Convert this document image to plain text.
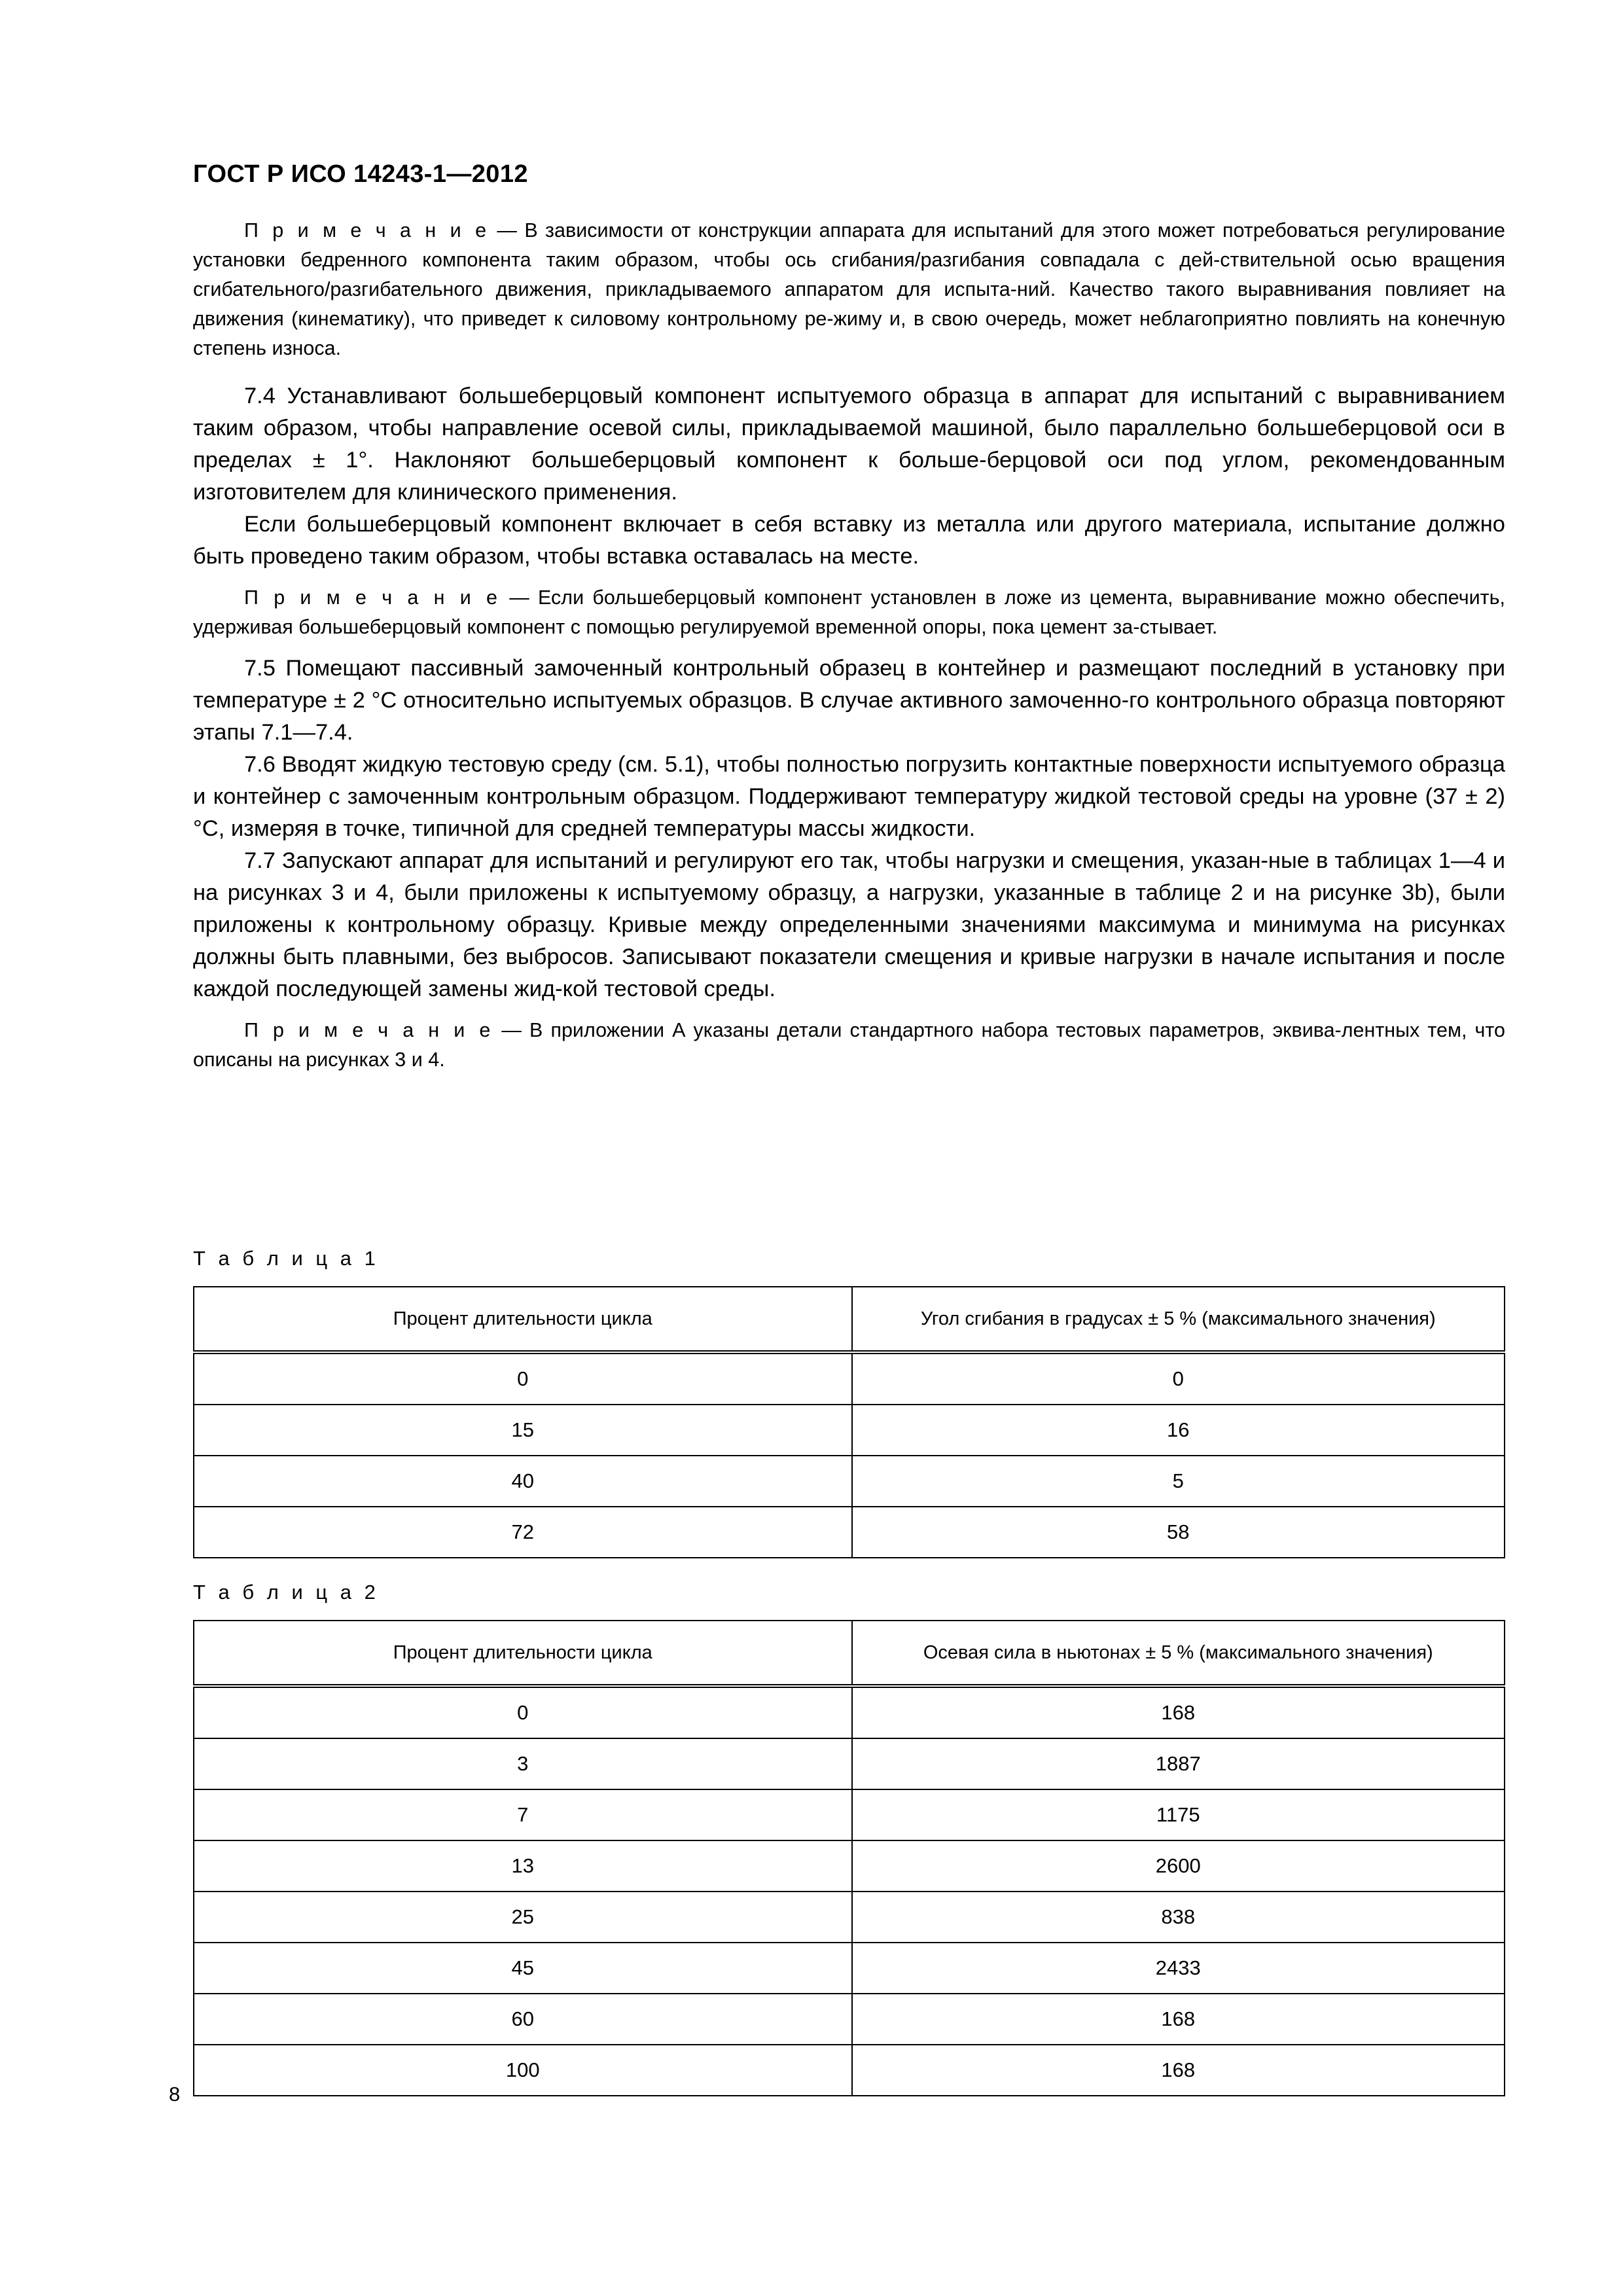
ГОСТ Р ИСО 14243-1—2012

П р и м е ч а н и е — В зависимости от конструкции аппарата для испытаний для этого может потребоваться регулирование установки бедренного компонента таким образом, чтобы ось сгибания/разгибания совпадала с дей-ствительной осью вращения сгибательного/разгибательного движения, прикладываемого аппаратом для испыта-ний. Качество такого выравнивания повлияет на движения (кинематику), что приведет к силовому контрольному ре-жиму и, в свою очередь, может неблагоприятно повлиять на конечную степень износа.

7.4 Устанавливают большеберцовый компонент испытуемого образца в аппарат для испытаний с выравниванием таким образом, чтобы направление осевой силы, прикладываемой машиной, было параллельно большеберцовой оси в пределах ± 1°. Наклоняют большеберцовый компонент к больше-берцовой оси под углом, рекомендованным изготовителем для клинического применения.

Если большеберцовый компонент включает в себя вставку из металла или другого материала, испытание должно быть проведено таким образом, чтобы вставка оставалась на месте.

П р и м е ч а н и е — Если большеберцовый компонент установлен в ложе из цемента, выравнивание можно обеспечить, удерживая большеберцовый компонент с помощью регулируемой временной опоры, пока цемент за-стывает.

7.5 Помещают пассивный замоченный контрольный образец в контейнер и размещают последний в установку при температуре ± 2 °C относительно испытуемых образцов. В случае активного замоченно-го контрольного образца повторяют этапы 7.1—7.4.

7.6 Вводят жидкую тестовую среду (см. 5.1), чтобы полностью погрузить контактные поверхности испытуемого образца и контейнер с замоченным контрольным образцом. Поддерживают температуру жидкой тестовой среды на уровне (37 ± 2) °C, измеряя в точке, типичной для средней температуры массы жидкости.

7.7 Запускают аппарат для испытаний и регулируют его так, чтобы нагрузки и смещения, указан-ные в таблицах 1—4 и на рисунках 3 и 4, были приложены к испытуемому образцу, а нагрузки, указанные в таблице 2 и на рисунке 3b), были приложены к контрольному образцу. Кривые между определенными значениями максимума и минимума на рисунках должны быть плавными, без выбросов. Записывают показатели смещения и кривые нагрузки в начале испытания и после каждой последующей замены жид-кой тестовой среды.

П р и м е ч а н и е — В приложении А указаны детали стандартного набора тестовых параметров, эквива-лентных тем, что описаны на рисунках 3 и 4.

Т а б л и ц а 1
Процент длительности цикла	Угол сгибания в градусах ± 5 % (максимального значения)
0	0
15	16
40	5
72	58
Т а б л и ц а 2
Процент длительности цикла	Осевая сила в ньютонах ± 5 % (максимального значения)
0	168
3	1887
7	1175
13	2600
25	838
45	2433
60	168
100	168
8
